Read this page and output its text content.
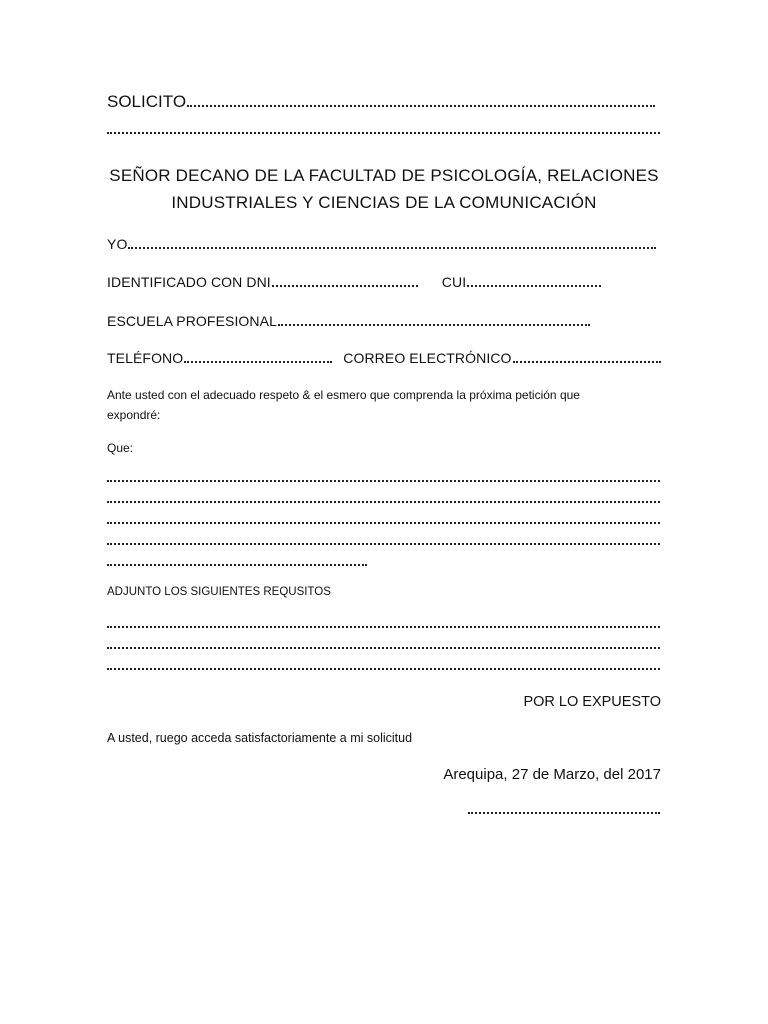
SOLICITO
SEÑOR DECANO DE LA FACULTAD DE PSICOLOGÍA, RELACIONES
INDUSTRIALES Y CIENCIAS DE LA COMUNICACIÓN
YO
IDENTIFICADO CON DNI	CUI
ESCUELA PROFESIONAL
TELÉFONO	CORREO ELECTRÓNICO
Ante usted con el adecuado respeto & el esmero que comprenda la próxima petición que
expondré:
Que:
ADJUNTO LOS SIGUIENTES REQUSITOS
POR LO EXPUESTO
A usted, ruego acceda satisfactoriamente a mi solicitud
Arequipa, 27 de Marzo, del 2017
